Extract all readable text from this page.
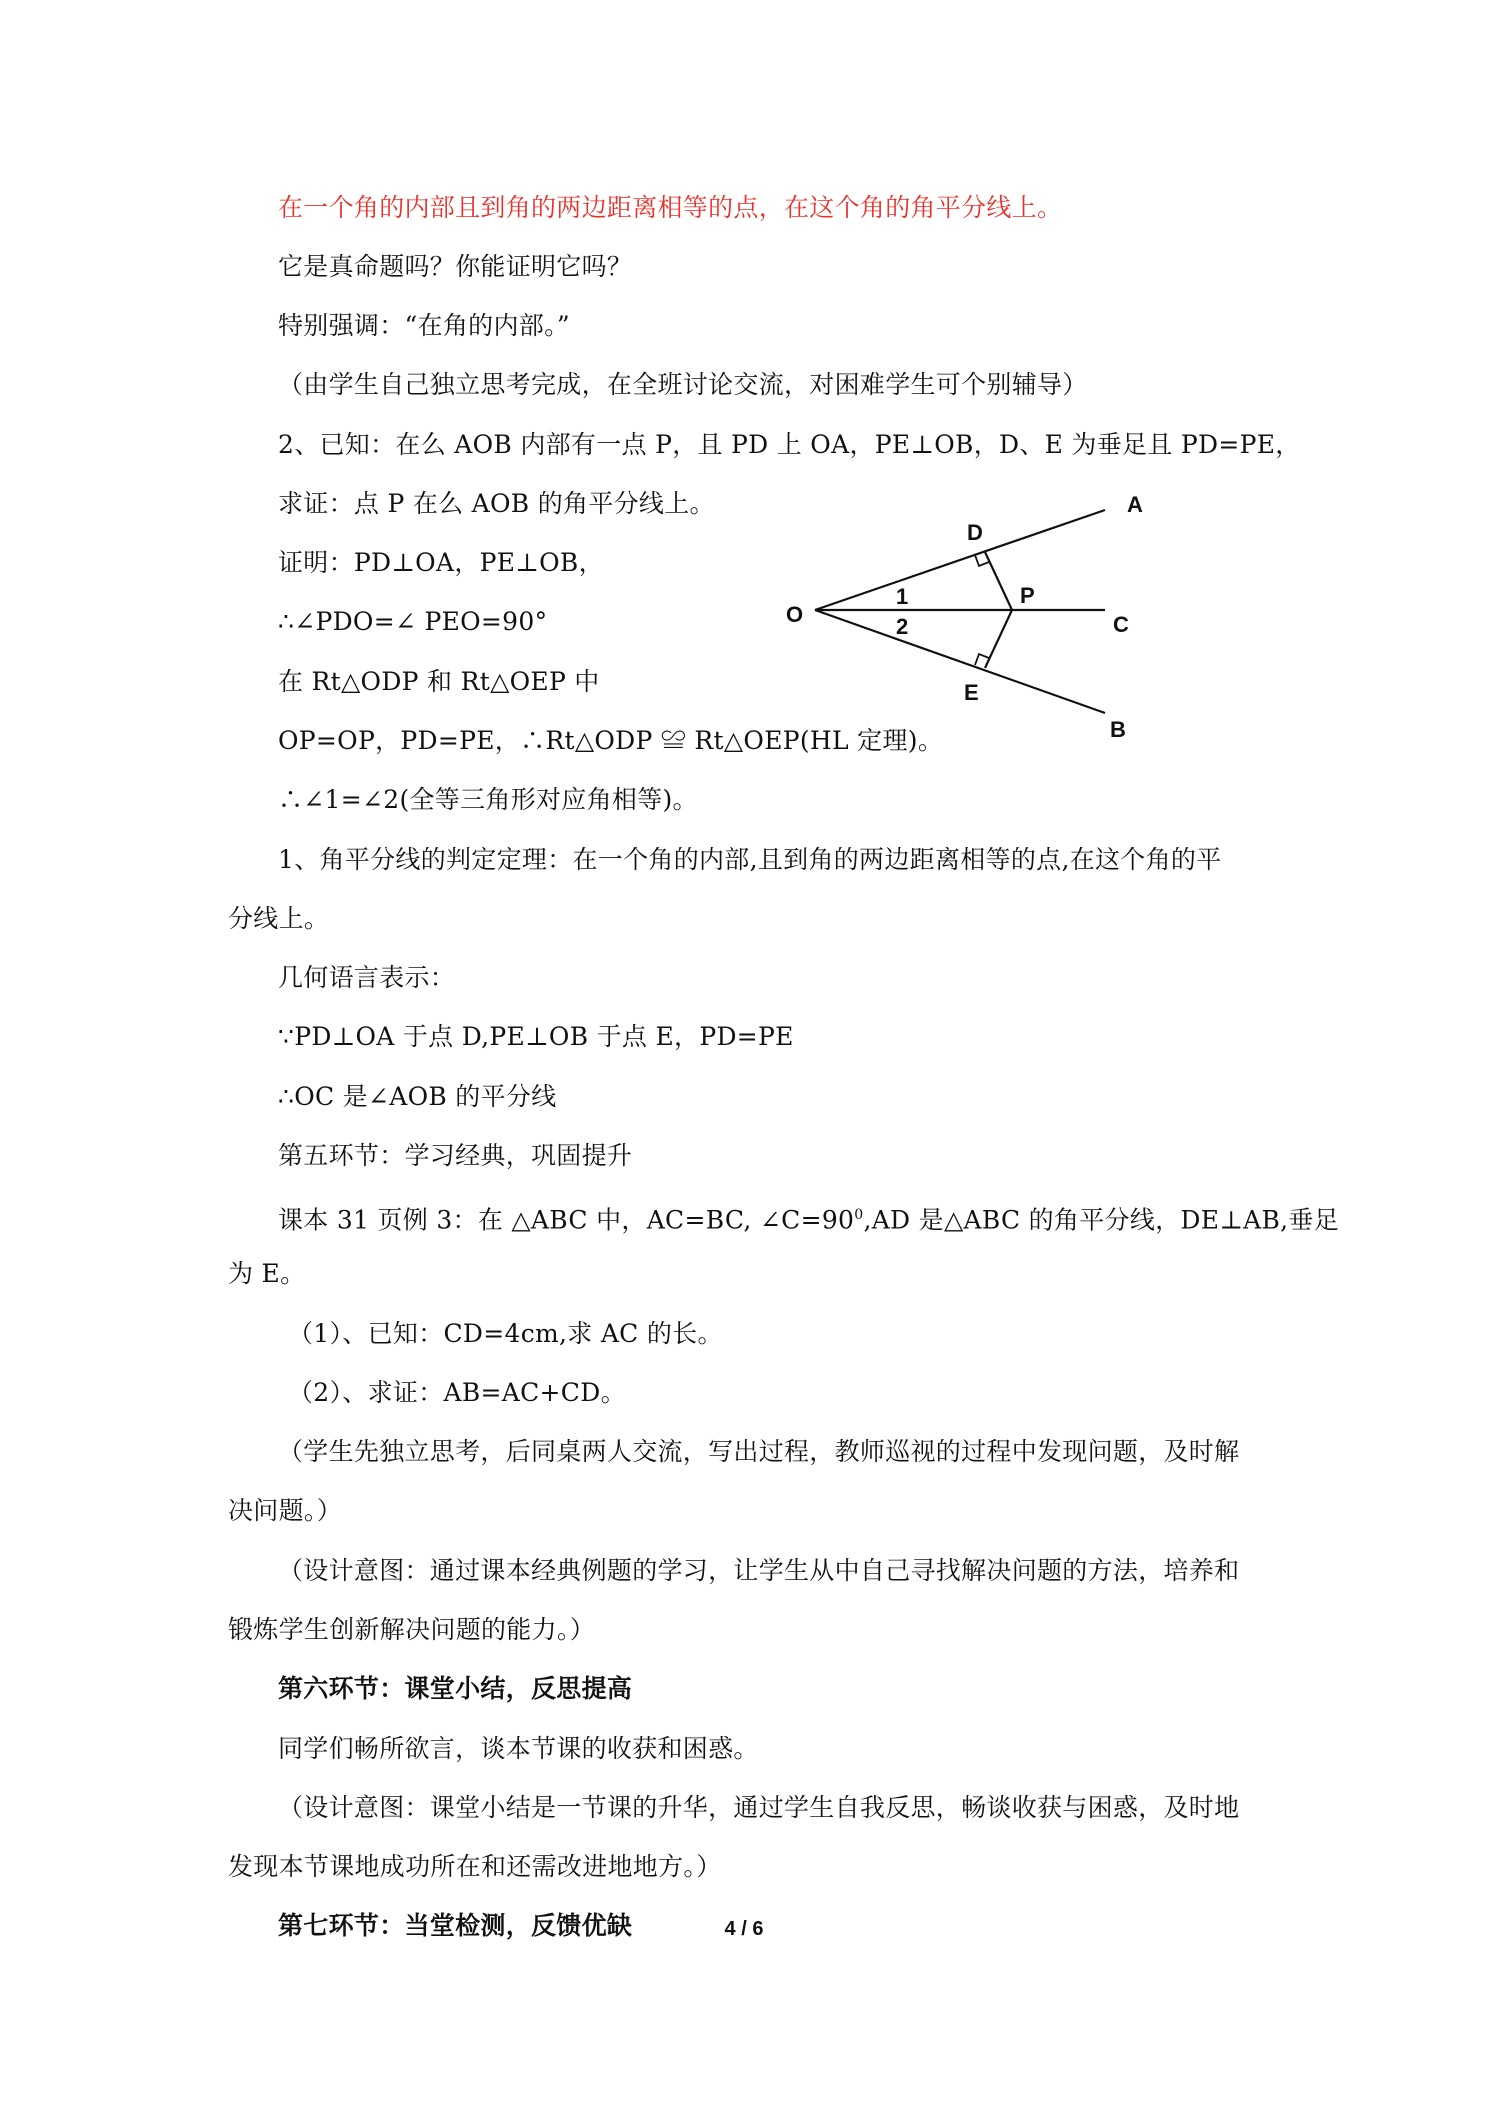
在一个角的内部且到角的两边距离相等的点，在这个角的角平分线上。
它是真命题吗？你能证明它吗？
特别强调：“在角的内部。”
（由学生自己独立思考完成，在全班讨论交流，对困难学生可个别辅导）
2、已知：在么 AOB 内部有一点 P，且 PD 上 OA，PE⊥OB，D、E 为垂足且 PD=PE，
求证：点 P 在么 AOB 的角平分线上。
证明：PD⊥OA，PE⊥OB，
∴∠PDO=∠ PEO=90°
在 Rt△ODP 和 Rt△OEP 中
OP=OP，PD=PE，∴Rt△ODP ≌ Rt△OEP(HL 定理)。
∴∠1=∠2(全等三角形对应角相等)。
1、角平分线的判定定理：在一个角的内部,且到角的两边距离相等的点,在这个角的平
分线上。
几何语言表示：
∵PD⊥OA 于点 D,PE⊥OB 于点 E，PD=PE
∴OC 是∠AOB 的平分线
第五环节：学习经典，巩固提升
课本 31 页例 3：在 △ABC 中，AC=BC, $\angle C=90^0,AD$ 是△ABC 的角平分线，DE⊥AB,垂足
为 E。
（1）、已知：CD=4cm,求 AC 的长。
（2）、求证：AB=AC+CD。
（学生先独立思考，后同桌两人交流，写出过程，教师巡视的过程中发现问题，及时解
决问题。）
（设计意图：通过课本经典例题的学习，让学生从中自己寻找解决问题的方法，培养和
锻炼学生创新解决问题的能力。）
第六环节：课堂小结，反思提高
同学们畅所欲言，谈本节课的收获和困惑。
（设计意图：课堂小结是一节课的升华，通过学生自我反思，畅谈收获与困惑，及时地
发现本节课地成功所在和还需改进地地方。）
第七环节：当堂检测，反馈优缺
A
B
C
D
E
O
P
1
2
4 / 6
